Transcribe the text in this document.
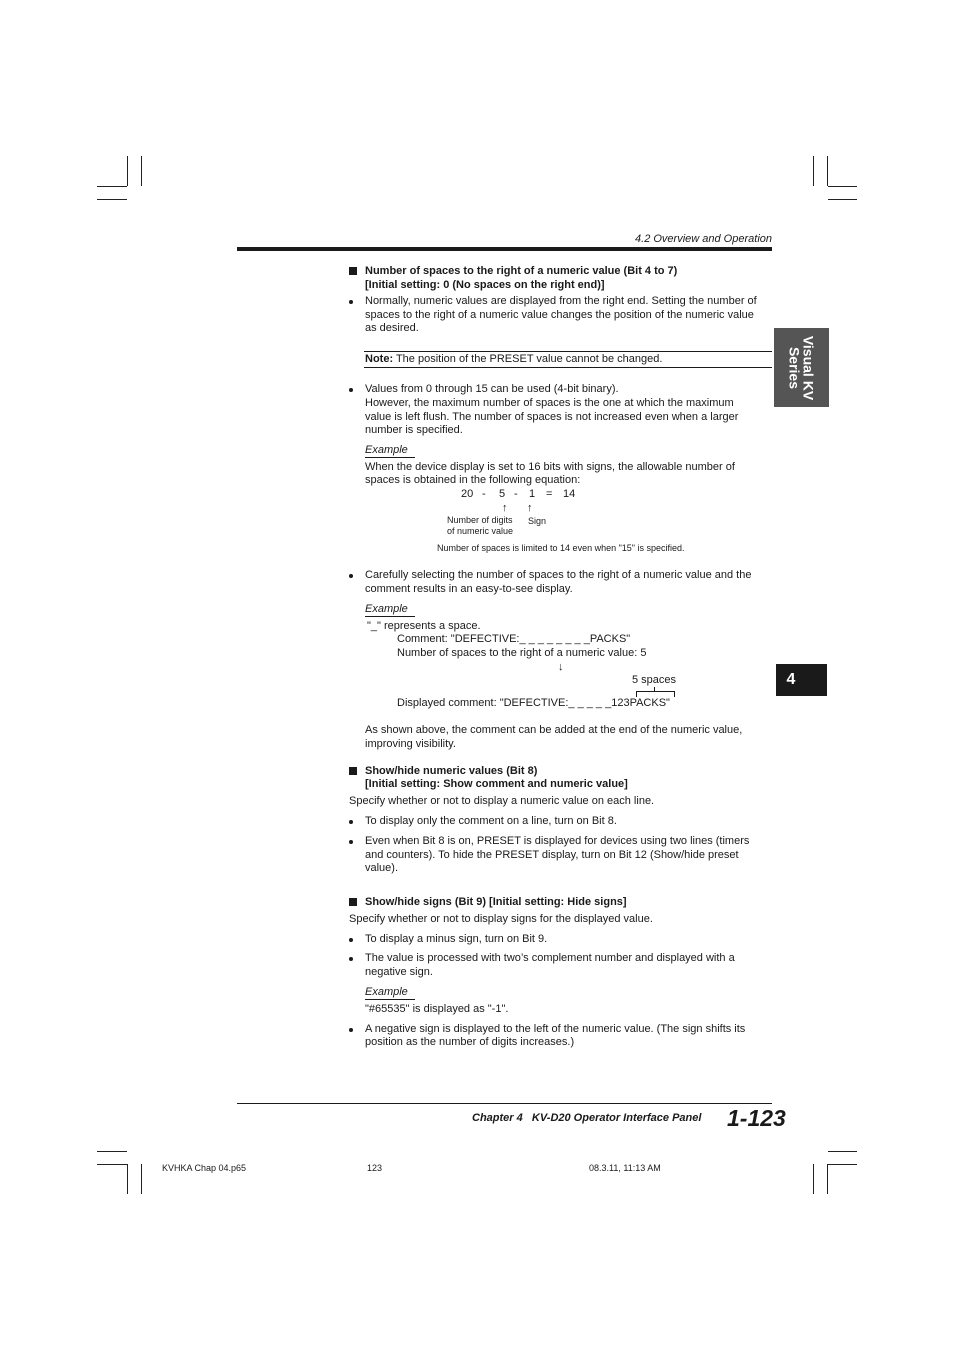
4.2 Overview and Operation
Visual KV Series
4
Number of spaces to the right of a numeric value (Bit 4 to 7)
[Initial setting: 0 (No spaces on the right end)]
Normally, numeric values are displayed from the right end. Setting the number of
spaces to the right of a numeric value changes the position of the numeric value
as desired.
Note: The position of the PRESET value cannot be changed.
Values from 0 through 15 can be used (4-bit binary).
However, the maximum number of spaces is the one at which the maximum
value is left flush. The number of spaces is not increased even when a larger
number is specified.
Example
When the device display is set to 16 bits with signs, the allowable number of
spaces is obtained in the following equation:
20 - 5 - 1 = 14
↑ ↑
Number of digits
of numeric value
Sign
Number of spaces is limited to 14 even when "15" is specified.
Carefully selecting the number of spaces to the right of a numeric value and the
comment results in an easy-to-see display.
Example
"_" represents a space.
Comment: "DEFECTIVE:_ _ _ _ _ _ _ _PACKS"
Number of spaces to the right of a numeric value: 5
↓
5 spaces
Displayed comment: "DEFECTIVE:_ _ _ _ _123PACKS"
As shown above, the comment can be added at the end of the numeric value,
improving visibility.
Show/hide numeric values (Bit 8)
[Initial setting: Show comment and numeric value]
Specify whether or not to display a numeric value on each line.
To display only the comment on a line, turn on Bit 8.
Even when Bit 8 is on, PRESET is displayed for devices using two lines (timers
and counters). To hide the PRESET display, turn on Bit 12 (Show/hide preset
value).
Show/hide signs (Bit 9) [Initial setting: Hide signs]
Specify whether or not to display signs for the displayed value.
To display a minus sign, turn on Bit 9.
The value is processed with two’s complement number and displayed with a
negative sign.
Example
"#65535" is displayed as "-1".
A negative sign is displayed to the left of the numeric value. (The sign shifts its
position as the number of digits increases.)
Chapter 4   KV-D20 Operator Interface Panel 1-123
KVHKA Chap 04.p65	123	08.3.11, 11:13 AM
